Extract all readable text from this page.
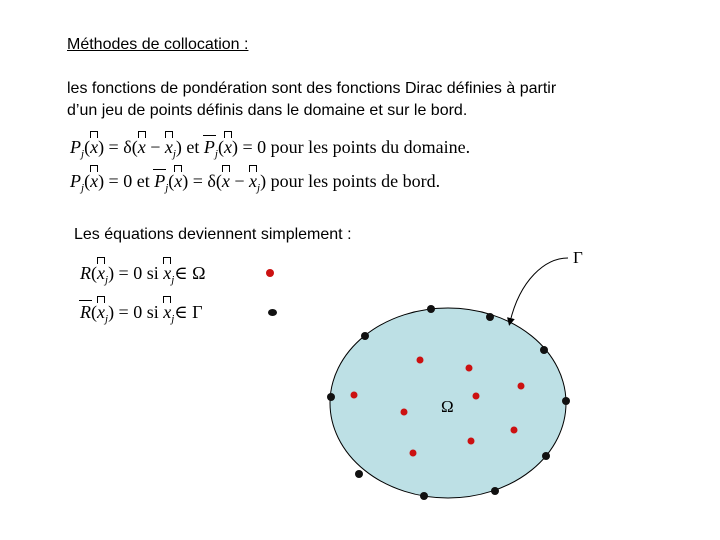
Méthodes de collocation :
les fonctions de pondération sont des fonctions Dirac définies à partir
d’un jeu de points définis dans le domaine et sur le bord.
$P_j(x) = \delta(x - x_j)$ et $P_j(x) = 0$ pour les points du domaine.
$P_j(x) = 0$ et $P_j(x) = \delta(x - x_j)$ pour les points de bord.
Les équations deviennent simplement :
$R(x_j) = 0$ si $x_j\in$ Ω
$R(x_j) = 0$ si $x_j\in$ Γ
Γ
Ω
